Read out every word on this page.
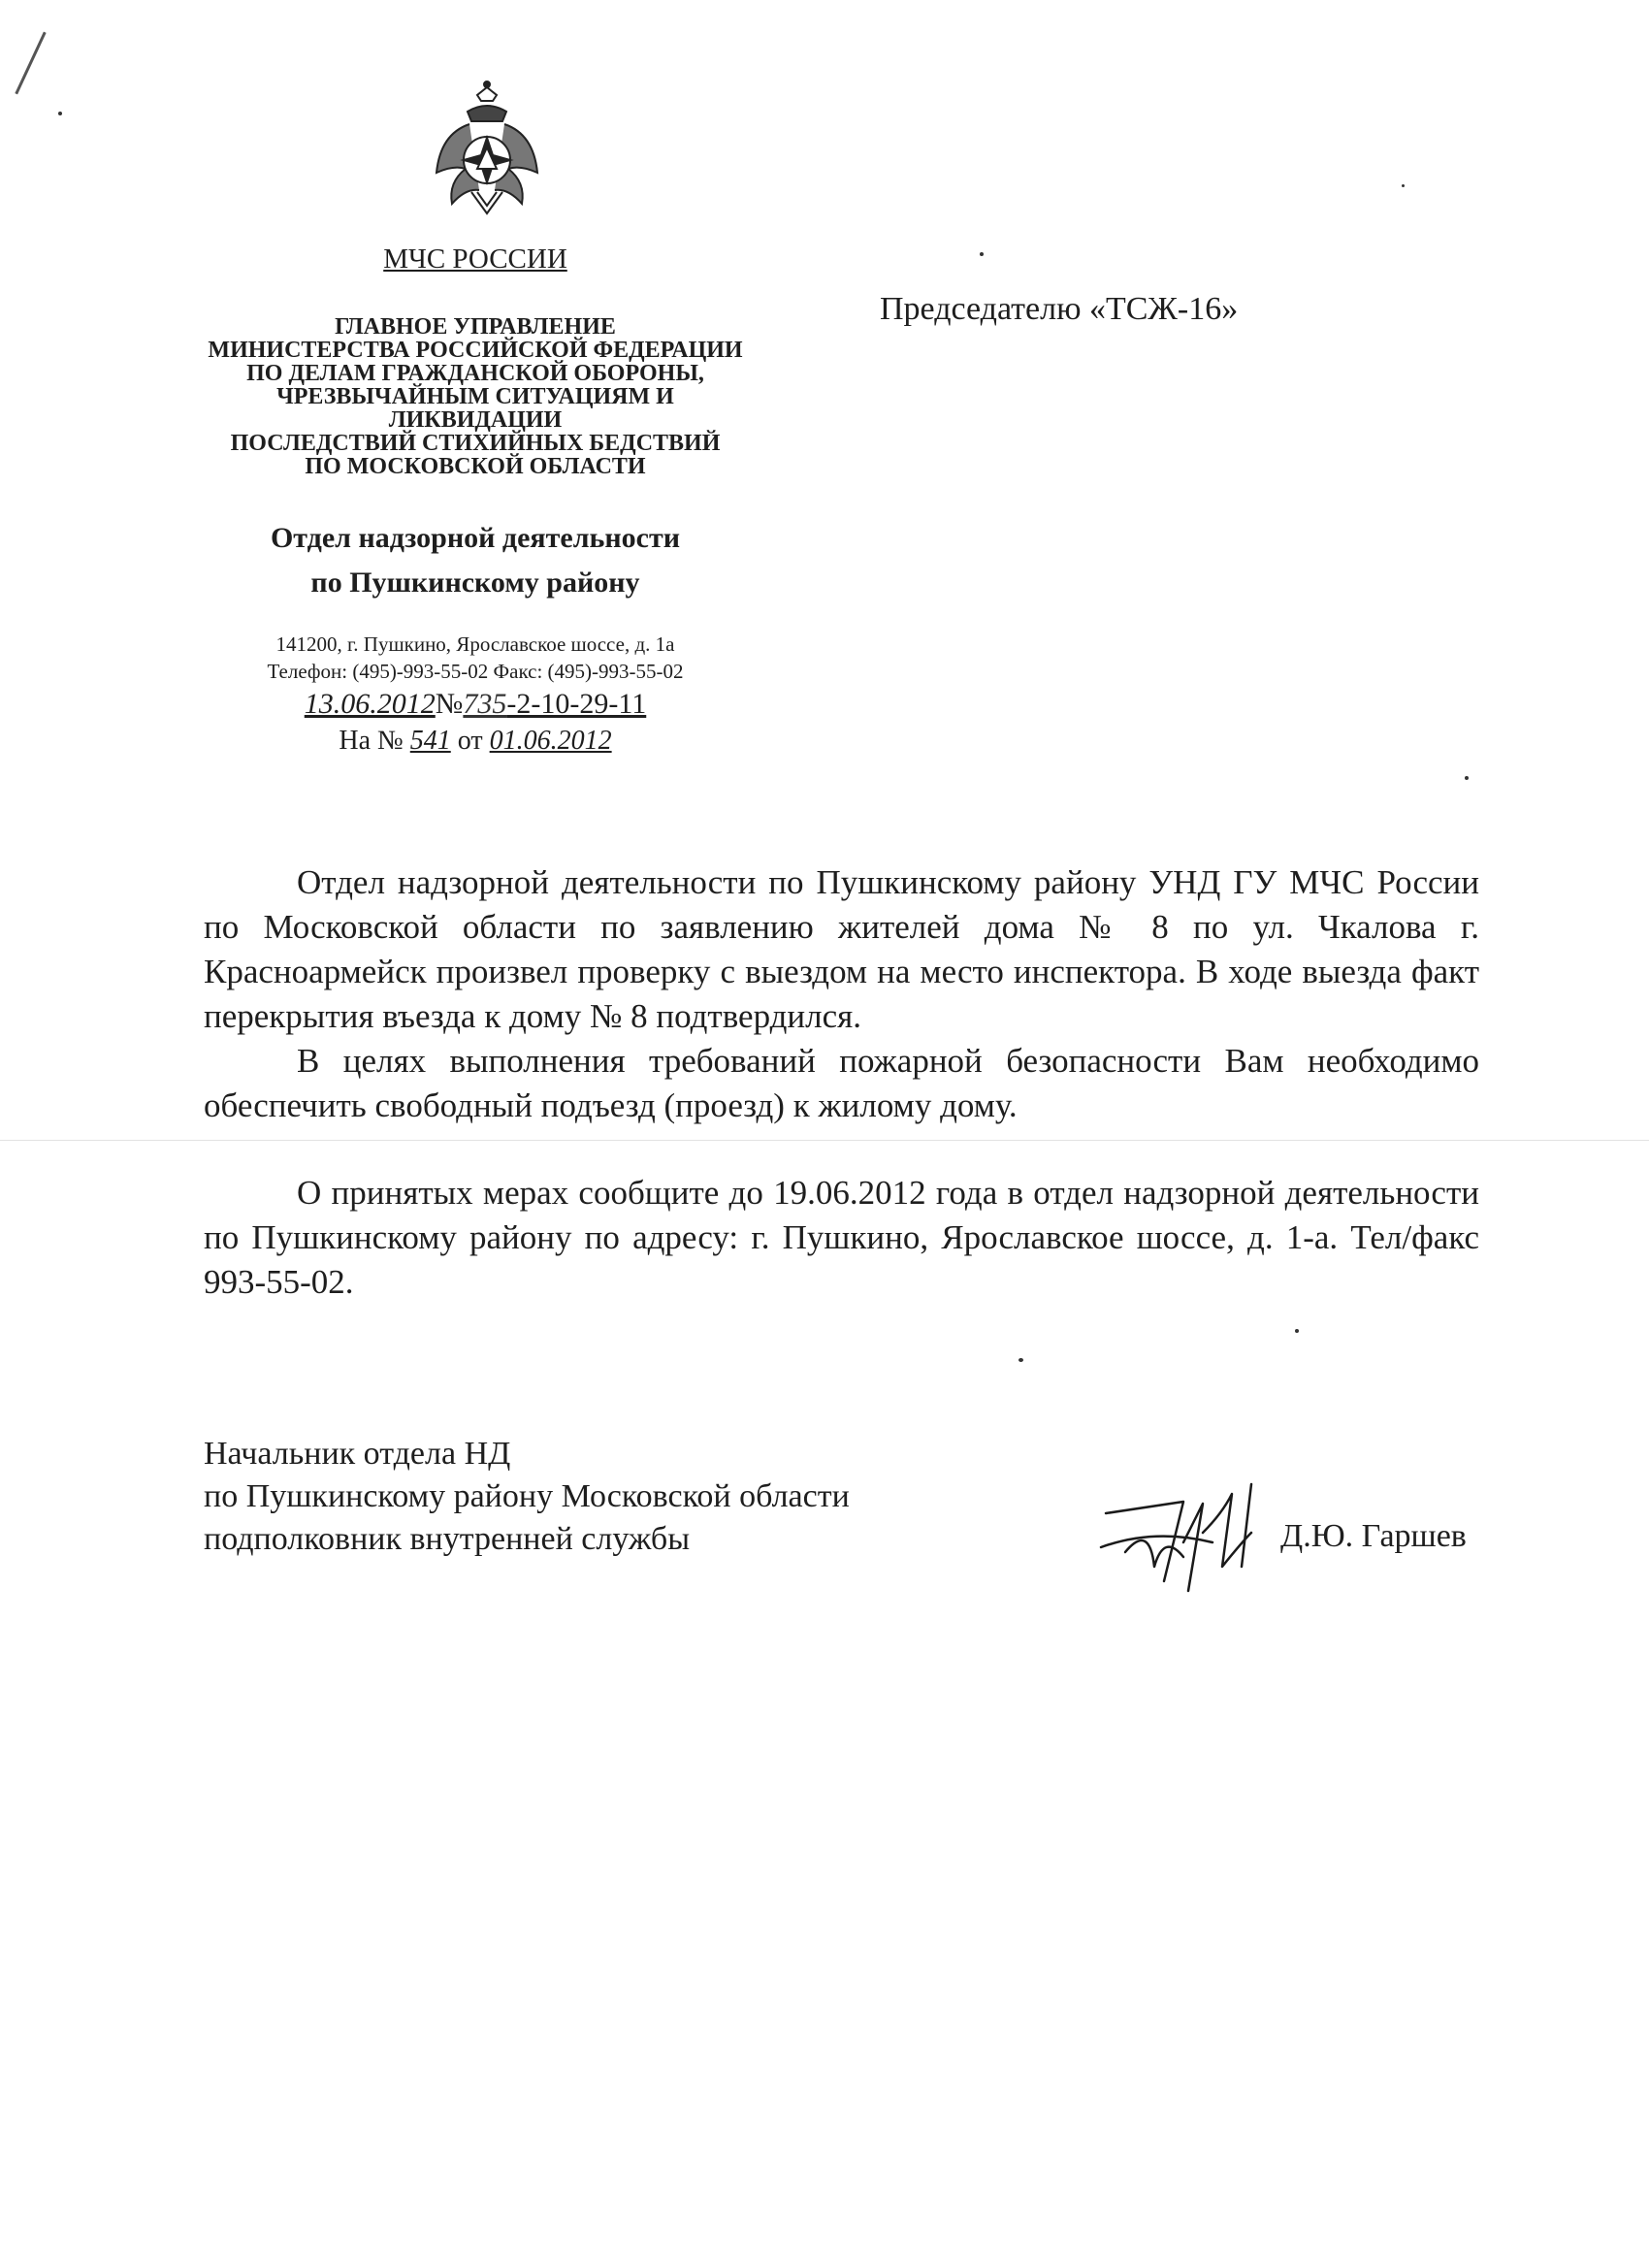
МЧС РОССИИ
ГЛАВНОЕ УПРАВЛЕНИЕ
МИНИСТЕРСТВА РОССИЙСКОЙ ФЕДЕРАЦИИ
ПО ДЕЛАМ ГРАЖДАНСКОЙ ОБОРОНЫ,
ЧРЕЗВЫЧАЙНЫМ СИТУАЦИЯМ И
ЛИКВИДАЦИИ
ПОСЛЕДСТВИЙ СТИХИЙНЫХ БЕДСТВИЙ
ПО МОСКОВСКОЙ ОБЛАСТИ
Отдел надзорной деятельности
по Пушкинскому району
141200, г. Пушкино, Ярославское шоссе, д. 1а
Телефон: (495)-993-55-02 Факс: (495)-993-55-02
13.06.2012№735-2-10-29-11
На № 541 от 01.06.2012
Председателю «ТСЖ-16»

Отдел надзорной деятельности по Пушкинскому району УНД ГУ МЧС России по Московской области по заявлению жителей дома № 8 по ул. Чкалова г. Красноармейск произвел проверку с выездом на место инспектора. В ходе выезда факт перекрытия въезда к дому № 8 подтвердился.

В целях выполнения требований пожарной безопасности Вам необходимо обеспечить свободный подъезд (проезд) к жилому дому.

О принятых мерах сообщите до 19.06.2012 года в отдел надзорной деятельности по Пушкинскому району по адресу: г. Пушкино, Ярославское шоссе, д. 1-а. Тел/факс 993-55-02.

Начальник отдела НД
по Пушкинскому району Московской области
подполковник внутренней службы	Д.Ю. Гаршев
